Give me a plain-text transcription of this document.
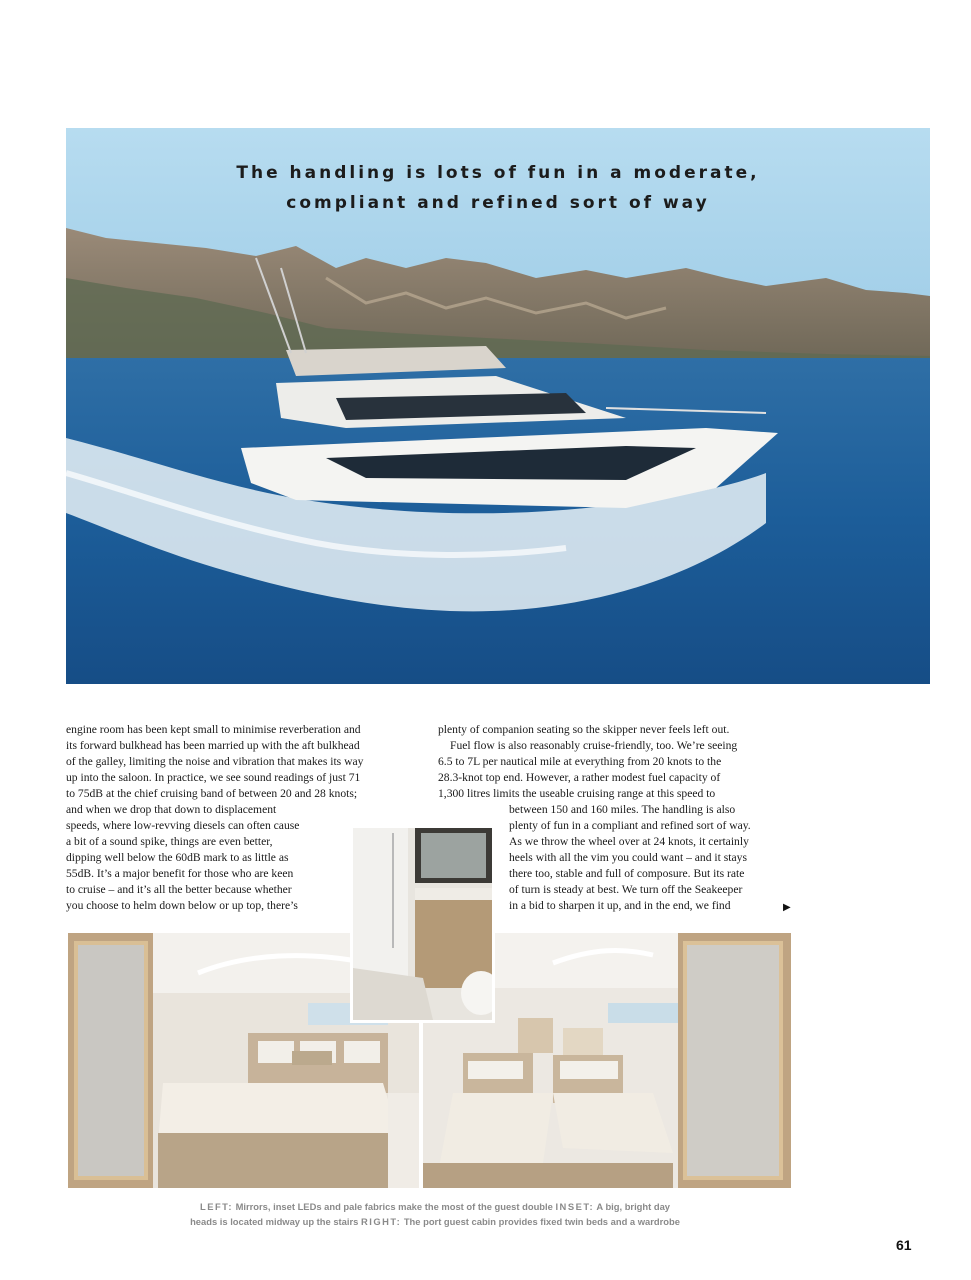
The handling is lots of fun in a moderate,
compliant and refined sort of way
engine room has been kept small to minimise reverberation and
its forward bulkhead has been married up with the aft bulkhead
of the galley, limiting the noise and vibration that makes its way
up into the saloon. In practice, we see sound readings of just 71
to 75dB at the chief cruising band of between 20 and 28 knots;
and when we drop that down to displacement
speeds, where low-revving diesels can often cause
a bit of a sound spike, things are even better,
dipping well below the 60dB mark to as little as
55dB. It’s a major benefit for those who are keen
to cruise – and it’s all the better because whether
you choose to helm down below or up top, there’s
plenty of companion seating so the skipper never feels left out.
Fuel flow is also reasonably cruise-friendly, too. We’re seeing
6.5 to 7L per nautical mile at everything from 20 knots to the
28.3-knot top end. However, a rather modest fuel capacity of
1,300 litres limits the useable cruising range at this speed to
between 150 and 160 miles. The handling is also
plenty of fun in a compliant and refined sort of way.
As we throw the wheel over at 24 knots, it certainly
heels with all the vim you could want – and it stays
there too, stable and full of composure. But its rate
of turn is steady at best. We turn off the Seakeeper
in a bid to sharpen it up, and in the end, we find	▶
LEFT: Mirrors, inset LEDs and pale fabrics make the most of the guest double INSET: A big, bright day
heads is located midway up the stairs RIGHT: The port guest cabin provides fixed twin beds and a wardrobe
61
